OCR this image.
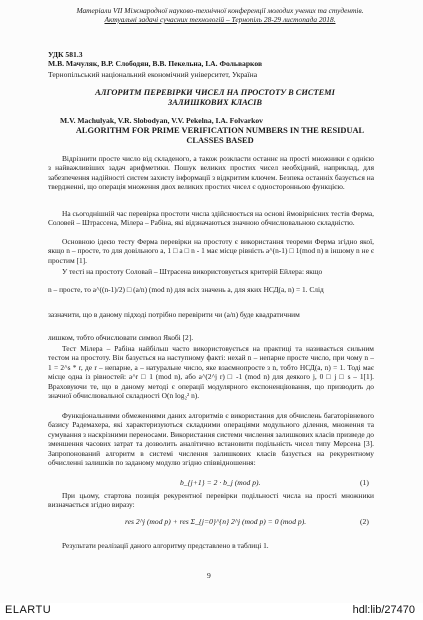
Матеріали VII Міжнародної науково-технічної конференції молодих учених та студентів.
Актуальні задачі сучасних технологій – Тернопіль 28-29 листопада 2018.
УДК 581.3
М.В. Мачуляк, В.Р. Слободян, В.В. Пекельна, І.А. Фольварков
Тернопільський національний економічний університет, Україна
АЛГОРИТМ ПЕРЕВІРКИ ЧИСЕЛ НА ПРОСТОТУ В СИСТЕМІ ЗАЛИШКОВИХ КЛАСІВ
M.V. Machulyak, V.R. Slobodyan, V.V. Pekelna, I.A. Folvarkov
ALGORITHM FOR PRIME VERIFICATION NUMBERS IN THE RESIDUAL CLASSES BASED

Відрізнити просте число від складеного, а також розкласти останнє на прості множники є однією з найважливіших задач арифметики. Пошук великих простих чисел необхідний, наприклад, для забезпечення надійності систем захисту інформації з відкритим ключем. Безпека останніх базується на твердженні, що операція множення двох великих простих чисел є односторонньою функцією.

На сьогоднішній час перевірка простоти числа здійснюється на основі ймовірнісних тестів Ферма, Соловей – Штрассена, Мілера – Рабіна, які відзначаються значною обчислювальною складністю.

Основною ідеєю тесту Ферма перевірки на простоту є використання теореми Ферма згідно якої, якщо n – просте, то для довільного a, 1 □ a □ n - 1 має місце рівність a^(n-1) □ 1(mod n) в іншому n не є простим [1].

У тесті на простоту Соловай – Штрасена використовується критерій Ейлера: якщо

n – просте, то a^((n-1)/2) □ (a/n) (mod n) для всіх значень a, для яких НСД(a, n) = 1. Слід

зазначити, що в даному підході потрібно перевірити чи (a/n) буде квадратичним

лишком, тобто обчислювати символ Якобі [2].

Тест Мілера – Рабіна найбільш часто використовується на практиці та називається сильним тестом на простоту. Він базується на наступному факті: нехай n – непарне просте число, при чому n – 1 = 2^s * r, де r – непарне, a – натуральне число, яке взаємнопросте з n, тобто НСД(a, n) = 1. Тоді має місце одна із рівностей: a^r □ 1 (mod n), або a^(2^j r) □ -1 (mod n) для деякого j, 0 □ j □ s – 1[1]. Враховуючи те, що в даному методі є операції модулярного експоненціювання, що призводить до значної обчислювальної складності O(n log₂² n).

Функціональними обмеженнями даних алгоритмів є використання для обчислень багаторівневого базису Радемахера, які характеризуються складними операціями модульного ділення, множення та сумування з наскрізними переносами. Використання системи числення залишкових класів призведе до зменшення часових затрат та дозволить аналітично встановити подільність чисел типу Мерсена [3]. Запропонований алгоритм в системі числення залишкових класів базується на рекурентному обчисленні залишків по заданому модулю згідно співвідношення:

b_{j+1} = 2 · b_j (mod p).	(1)

При цьому, стартова позиція рекурентної перевірки подільності числа на прості множники визначається згідно виразу:

res 2^j (mod p) + res Σ_{j=0}^{n} 2^j (mod p) = 0 (mod p).	(2)

Результати реалізації даного алгоритму представлено в таблиці 1.

9
ELARTU	hdl:lib/27470
